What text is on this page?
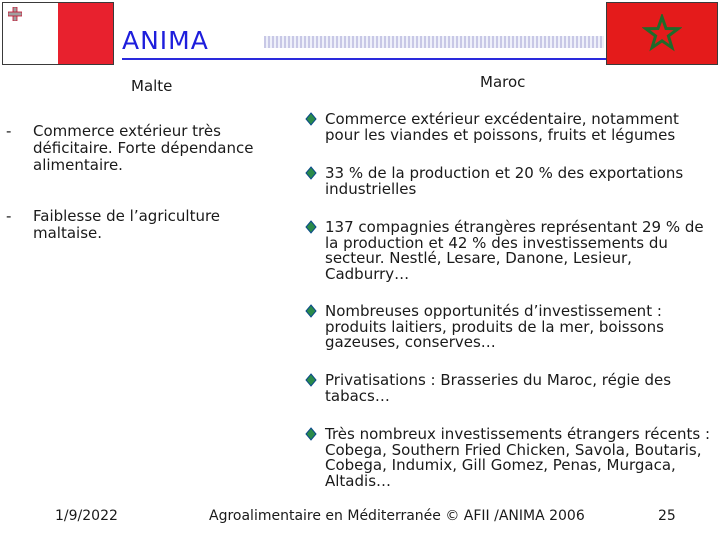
ANIMA
Malte	Maroc
- Commerce extérieur très déficitaire. Forte dépendance alimentaire.
- Faiblesse de l’agriculture maltaise.
Commerce extérieur excédentaire, notamment pour les viandes et poissons, fruits et légumes
33 % de la production et 20 % des exportations industrielles
137 compagnies étrangères représentant 29 % de la production et 42 % des investissements du secteur. Nestlé, Lesare, Danone, Lesieur, Cadburry…
Nombreuses opportunités d’investissement : produits laitiers, produits de la mer, boissons gazeuses, conserves…
Privatisations : Brasseries du Maroc, régie des tabacs…
Très nombreux investissements étrangers récents : Cobega, Southern Fried Chicken, Savola, Boutaris, Cobega, Indumix, Gill Gomez, Penas, Murgaca, Altadis…
1/9/2022	Agroalimentaire en Méditerranée © AFII /ANIMA 2006	25
